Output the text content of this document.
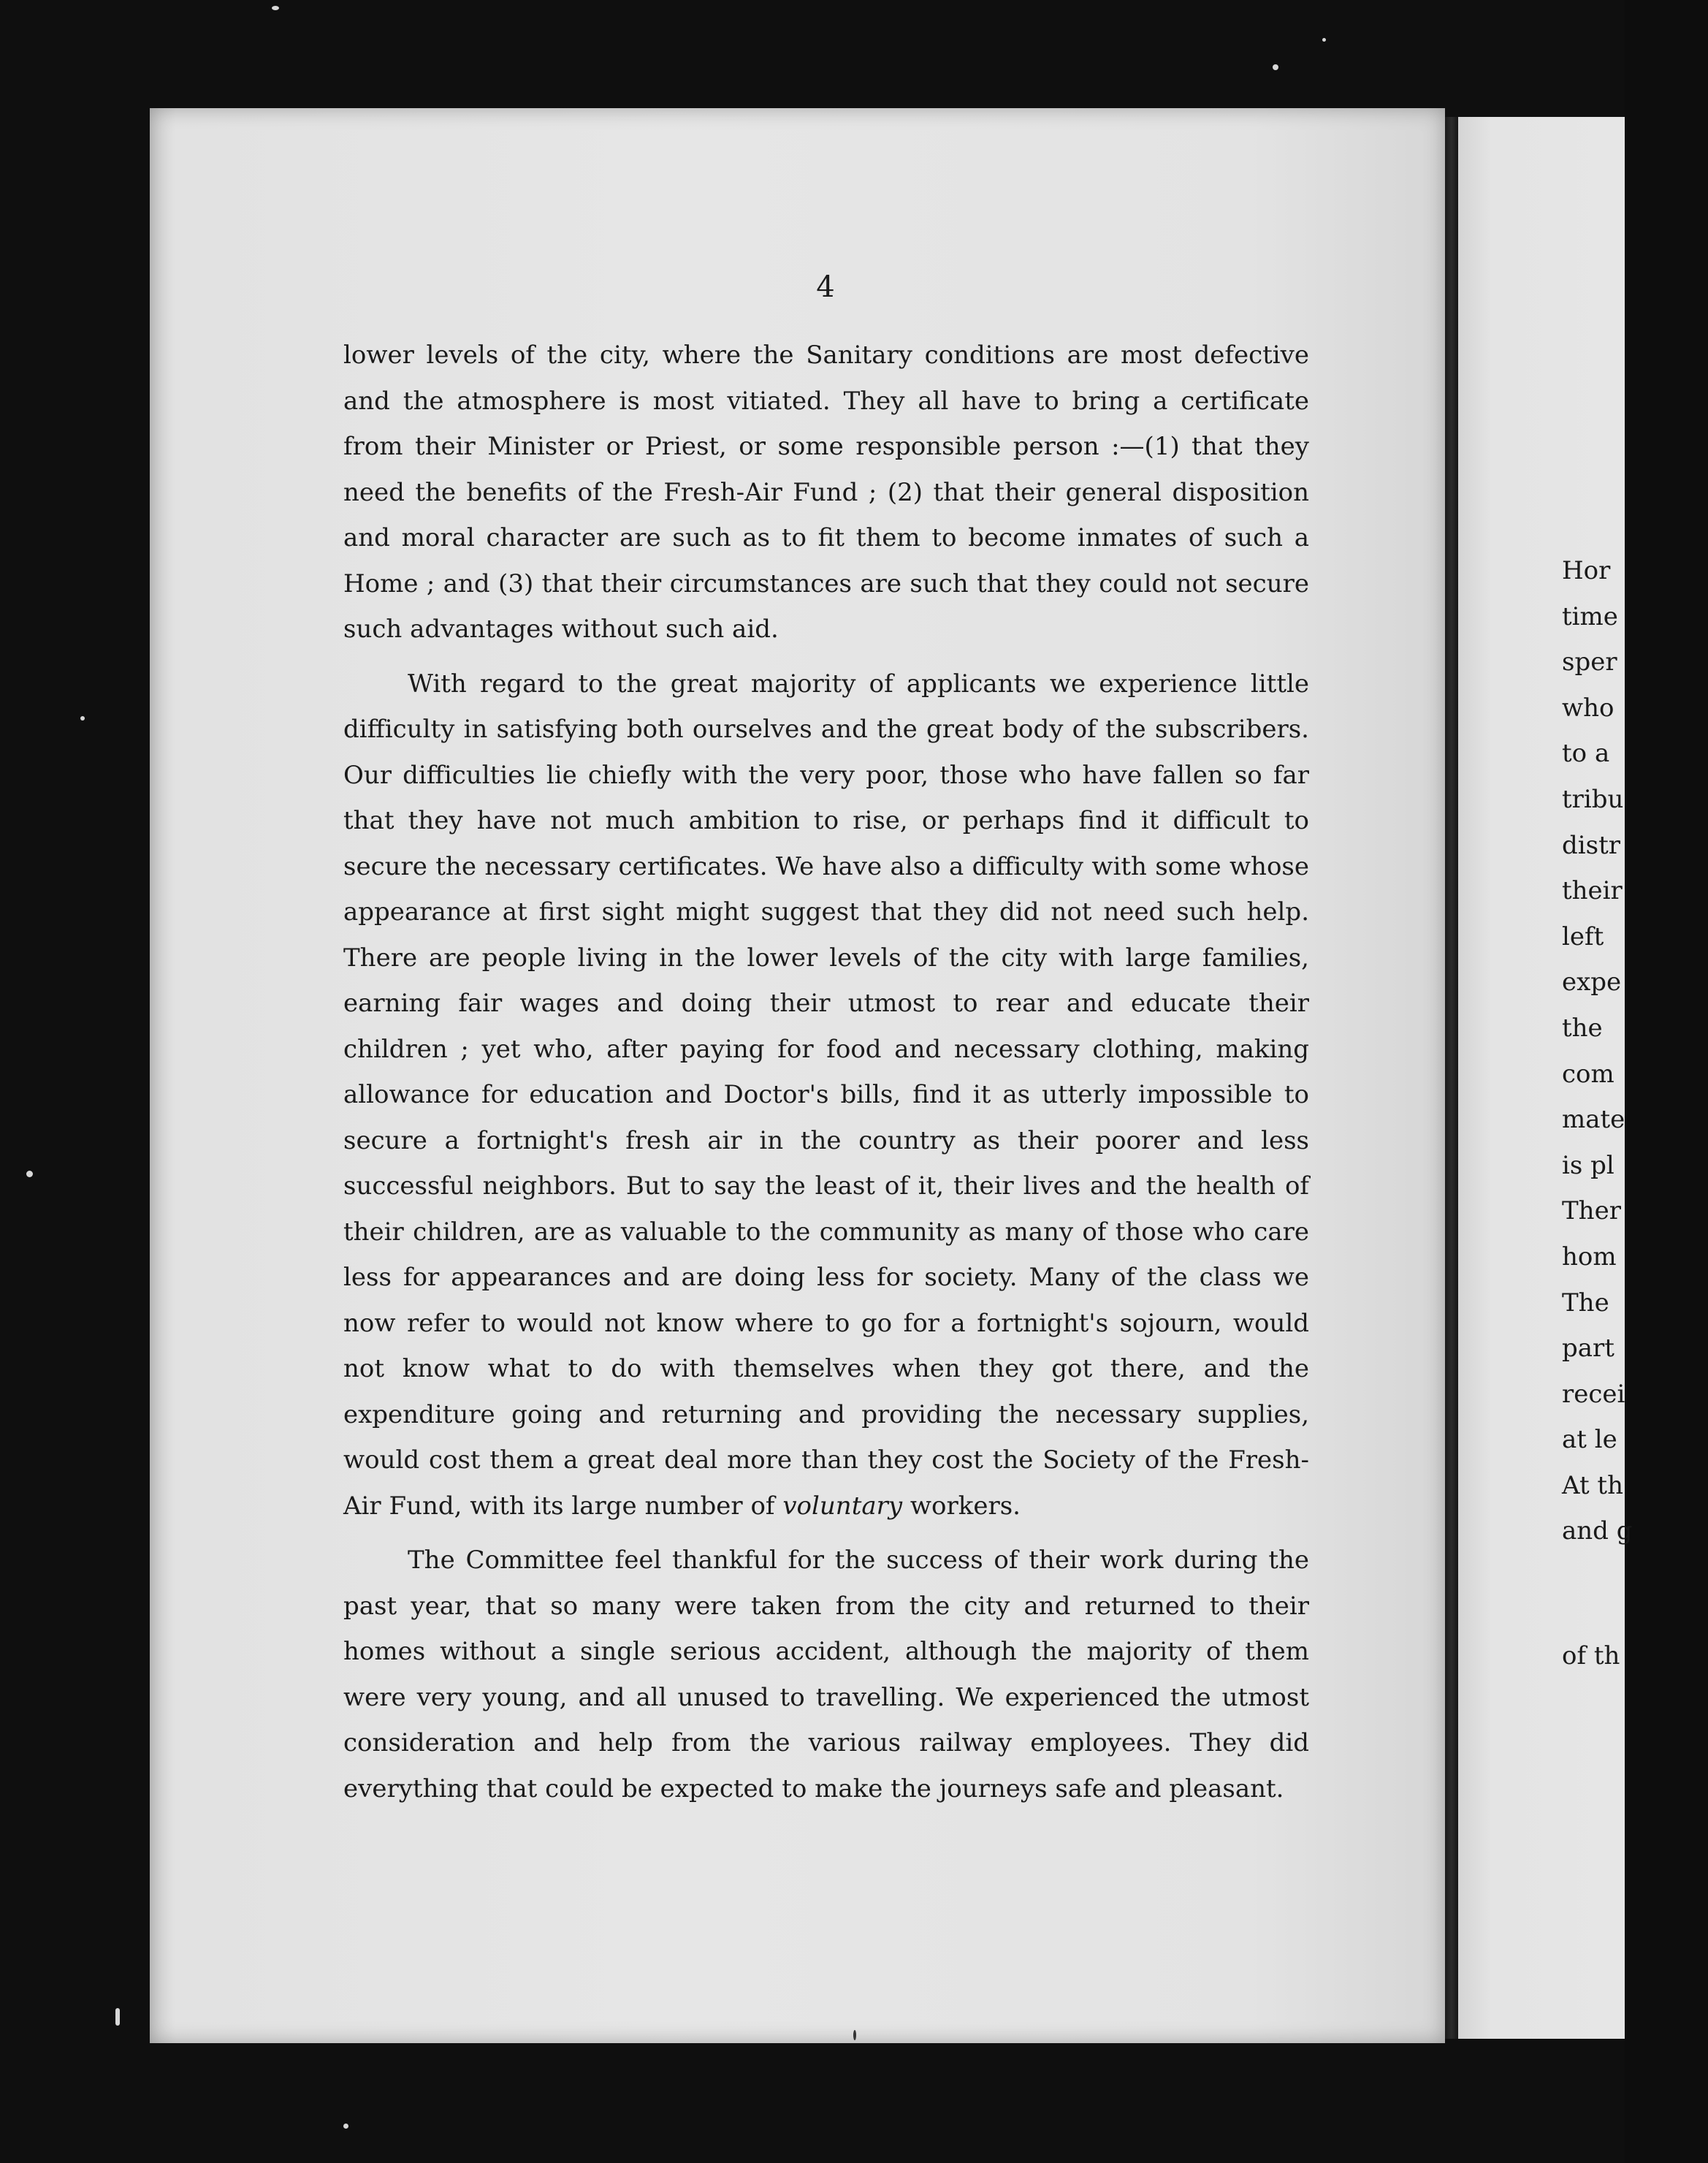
4

lower levels of the city, where the Sanitary conditions are most defective and the atmosphere is most vitiated. They all have to bring a certificate from their Minister or Priest, or some responsible person :—(1) that they need the benefits of the Fresh-Air Fund ; (2) that their general disposition and moral character are such as to fit them to become inmates of such a Home ; and (3) that their circumstances are such that they could not secure such advantages without such aid.

With regard to the great majority of applicants we experience little difficulty in satisfying both ourselves and the great body of the subscribers. Our difficulties lie chiefly with the very poor, those who have fallen so far that they have not much ambition to rise, or perhaps find it difficult to secure the necessary certificates. We have also a difficulty with some whose appearance at first sight might suggest that they did not need such help. There are people living in the lower levels of the city with large families, earning fair wages and doing their utmost to rear and educate their children ; yet who, after paying for food and necessary clothing, making allowance for education and Doctor's bills, find it as utterly impossible to secure a fortnight's fresh air in the country as their poorer and less successful neighbors. But to say the least of it, their lives and the health of their children, are as valuable to the community as many of those who care less for appearances and are doing less for society. Many of the class we now refer to would not know where to go for a fortnight's sojourn, would not know what to do with themselves when they got there, and the expenditure going and returning and providing the necessary supplies, would cost them a great deal more than they cost the Society of the Fresh-Air Fund, with its large number of voluntary workers.

The Committee feel thankful for the success of their work during the past year, that so many were taken from the city and returned to their homes without a single serious accident, although the majority of them were very young, and all unused to travelling. We experienced the utmost consideration and help from the various railway employees. They did everything that could be expected to make the journeys safe and pleasant.

Hor
time
sper
who
to a
tribu
distr
their
left
expe
the
com
mate
is pl
Ther
hom
The
part
recei
at le
At th
and g
of th
